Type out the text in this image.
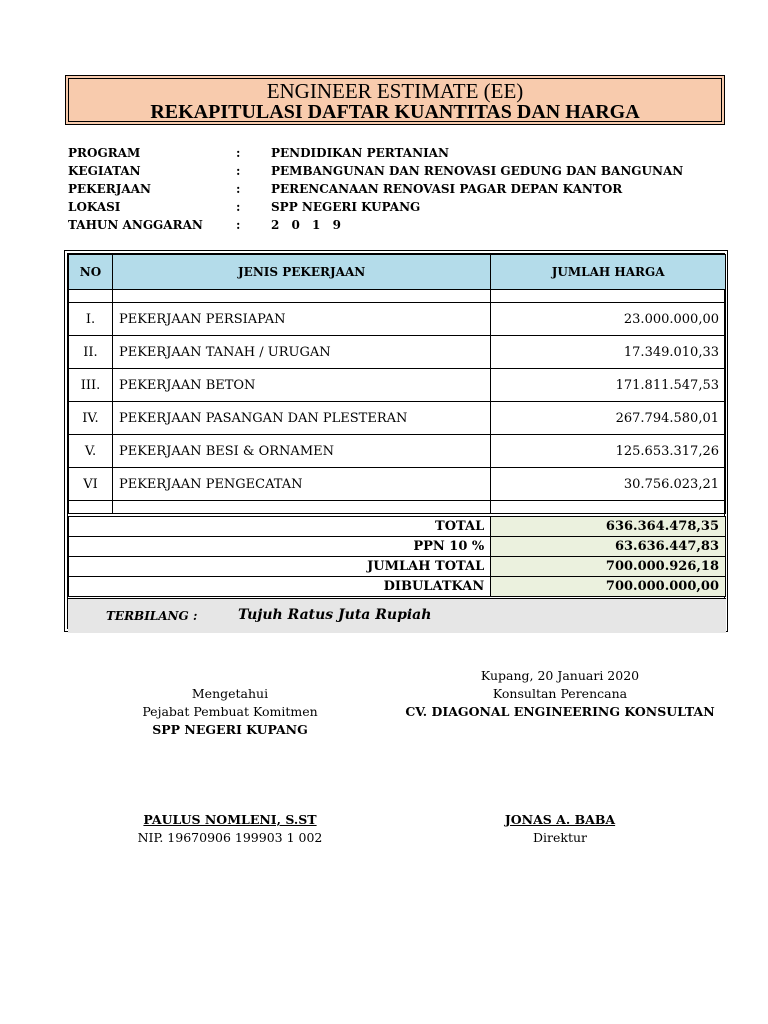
ENGINEER ESTIMATE (EE)
REKAPITULASI DAFTAR KUANTITAS DAN HARGA
PROGRAM	:	PENDIDIKAN PERTANIAN
KEGIATAN	:	PEMBANGUNAN DAN RENOVASI GEDUNG DAN BANGUNAN
PEKERJAAN	:	PERENCANAAN RENOVASI PAGAR DEPAN KANTOR
LOKASI	:	SPP NEGERI KUPANG
TAHUN ANGGARAN	:	2 0 1 9
NO	JENIS PEKERJAAN	JUMLAH HARGA

I.	PEKERJAAN PERSIAPAN	23.000.000,00
II.	PEKERJAAN TANAH / URUGAN	17.349.010,33
III.	PEKERJAAN BETON	171.811.547,53
IV.	PEKERJAAN PASANGAN DAN PLESTERAN	267.794.580,01
V.	PEKERJAAN BESI & ORNAMEN	125.653.317,26
VI	PEKERJAAN PENGECATAN	30.756.023,21

TOTAL	636.364.478,35
PPN 10 %	63.636.447,83
JUMLAH TOTAL	700.000.926,18
DIBULATKAN	700.000.000,00
TERBILANG :	Tujuh Ratus Juta Rupiah
Mengetahui
Pejabat Pembuat Komitmen
SPP NEGERI KUPANG
PAULUS NOMLENI, S.ST
NIP. 19670906 199903 1 002
Kupang, 20 Januari 2020
Konsultan Perencana
CV. DIAGONAL ENGINEERING KONSULTAN
JONAS A. BABA
Direktur
